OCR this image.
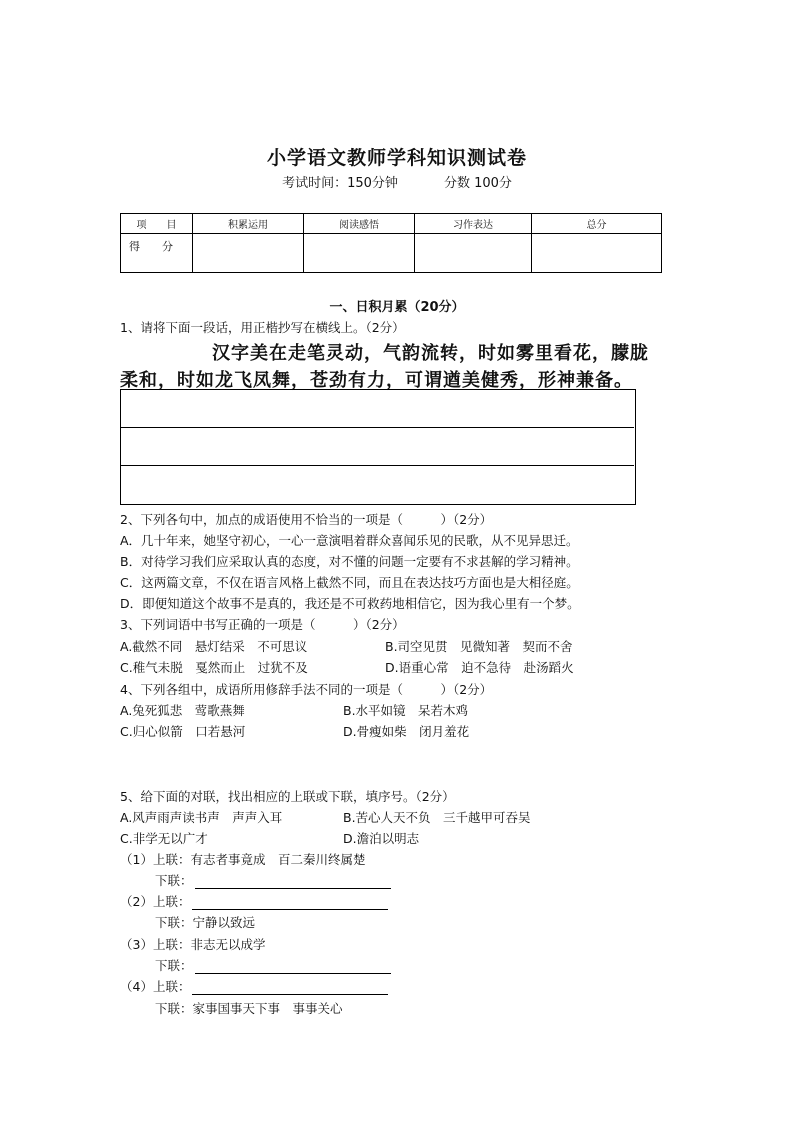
小学语文教师学科知识测试卷
考试时间：150分钟	分数 100分
项　　目	积累运用	阅读感悟	习作表达	总分
得　　分				
一、日积月累（20分）
1、请将下面一段话，用正楷抄写在横线上。（2分）
汉字美在走笔灵动，气韵流转，时如雾里看花，朦胧
柔和，时如龙飞凤舞，苍劲有力，可谓遒美健秀，形神兼备。
2、下列各句中，加点的成语使用不恰当的一项是（　　　）（2分）
A．几十年来，她坚守初心，一心一意演唱着群众喜闻乐见的民歌，从不见异思迁。
B．对待学习我们应采取认真的态度，对不懂的问题一定要有不求甚解的学习精神。
C．这两篇文章，不仅在语言风格上截然不同，而且在表达技巧方面也是大相径庭。
D．即便知道这个故事不是真的，我还是不可救药地相信它，因为我心里有一个梦。
3、下列词语中书写正确的一项是（　　　）（2分）
A.截然不同　悬灯结采　不可思议	B.司空见贯　见微知著　契而不舍
C.稚气未脱　戛然而止　过犹不及	D.语重心常　迫不急待　赴汤蹈火
4、下列各组中，成语所用修辞手法不同的一项是（　　　）（2分）
A.兔死狐悲　莺歌燕舞	B.水平如镜　呆若木鸡
C.归心似箭　口若悬河	D.骨瘦如柴　闭月羞花
5、给下面的对联，找出相应的上联或下联，填序号。（2分）
A.风声雨声读书声　声声入耳	B.苦心人天不负　三千越甲可吞吴
C.非学无以广才	D.澹泊以明志
（1）上联：有志者事竟成　百二秦川终属楚
下联：
（2）上联：
下联：宁静以致远
（3）上联：非志无以成学
下联：
（4）上联：
下联：家事国事天下事　事事关心
